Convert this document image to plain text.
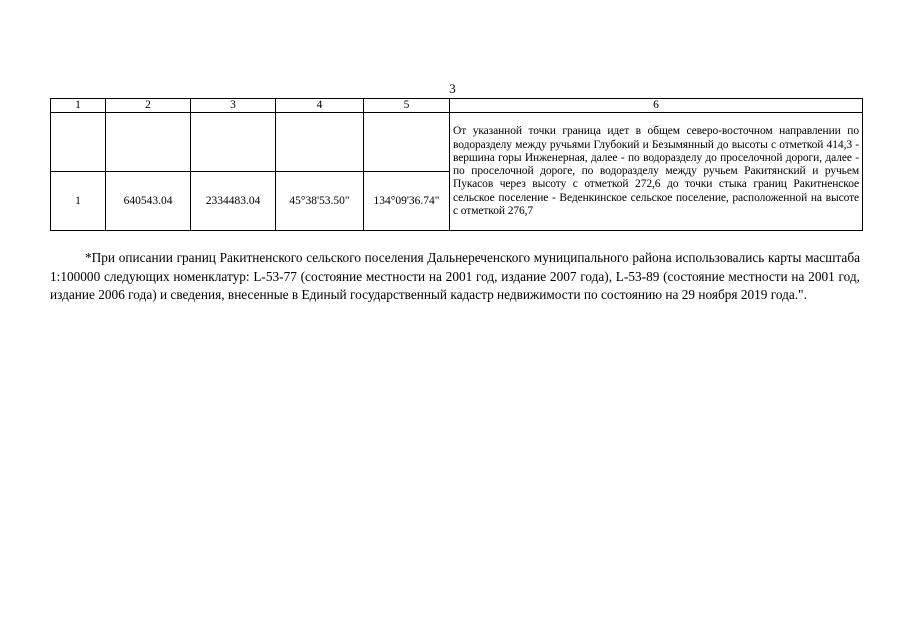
3
1	2	3	4	5	6
					От указанной точки граница идет в общем северо-восточном направлении по водоразделу между ручьями Глубокий и Безымянный до высоты с отметкой 414,3 - вершина горы Инженерная, далее - по водоразделу до проселочной дороги, далее - по проселочной дороге, по водоразделу между ручьем Ракитянский и ручьем Пукасов через высоту с отметкой 272,6 до точки стыка границ Ракитненское сельское поселение - Веденкинское сельское поселение, расположенной на высоте с отметкой 276,7
1	640543.04	2334483.04	45°38'53.50"	134°09'36.74"	

*При описании границ Ракитненского сельского поселения Дальнереченского муниципального района использовались карты масштаба 1:100000 следующих номенклатур: L-53-77 (состояние местности на 2001 год, издание 2007 года), L-53-89 (состояние местности на 2001 год, издание 2006 года) и сведения, внесенные в Единый государственный кадастр недвижимости по состоянию на 29 ноября 2019 года.".
